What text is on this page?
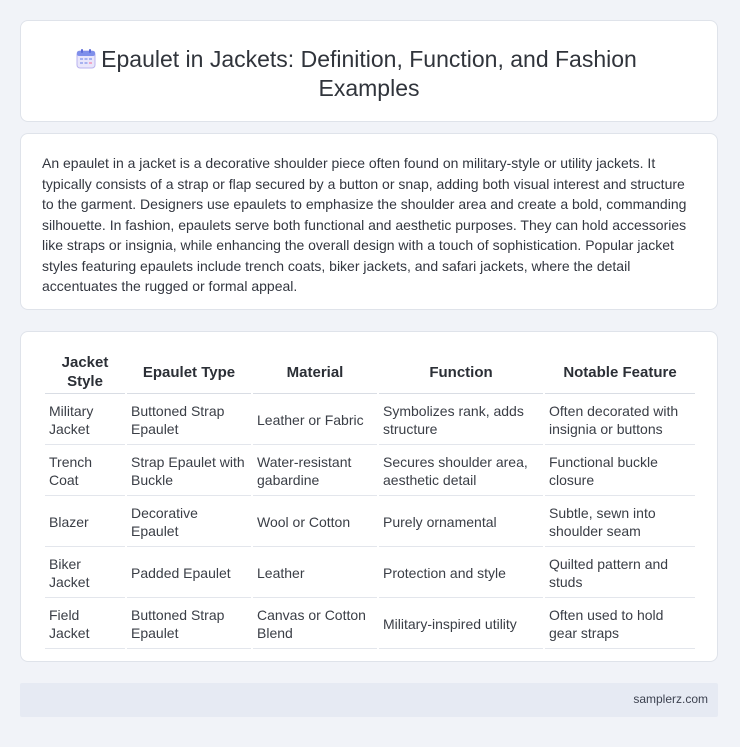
Epaulet in Jackets: Definition, Function, and Fashion Examples

An epaulet in a jacket is a decorative shoulder piece often found on military-style or utility jackets. It typically consists of a strap or flap secured by a button or snap, adding both visual interest and structure to the garment. Designers use epaulets to emphasize the shoulder area and create a bold, commanding silhouette. In fashion, epaulets serve both functional and aesthetic purposes. They can hold accessories like straps or insignia, while enhancing the overall design with a touch of sophistication. Popular jacket styles featuring epaulets include trench coats, biker jackets, and safari jackets, where the detail accentuates the rugged or formal appeal.

Jacket Style	Epaulet Type	Material	Function	Notable Feature
Military Jacket	Buttoned Strap Epaulet	Leather or Fabric	Symbolizes rank, adds structure	Often decorated with insignia or buttons
Trench Coat	Strap Epaulet with Buckle	Water-resistant gabardine	Secures shoulder area, aesthetic detail	Functional buckle closure
Blazer	Decorative Epaulet	Wool or Cotton	Purely ornamental	Subtle, sewn into shoulder seam
Biker Jacket	Padded Epaulet	Leather	Protection and style	Quilted pattern and studs
Field Jacket	Buttoned Strap Epaulet	Canvas or Cotton Blend	Military-inspired utility	Often used to hold gear straps
samplerz.com
